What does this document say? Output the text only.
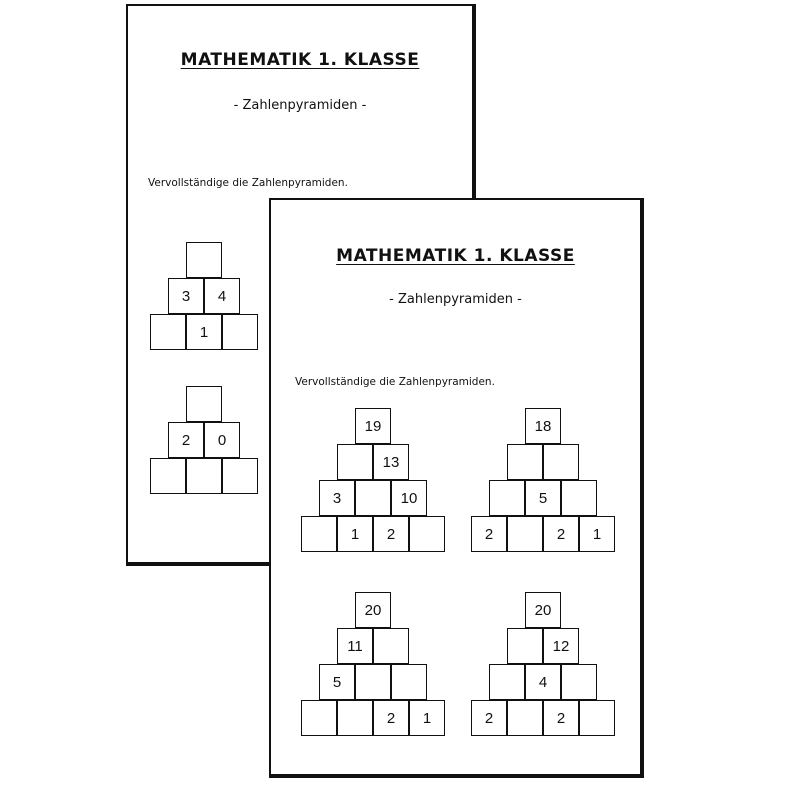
MATHEMATIK 1. KLASSE
- Zahlenpyramiden -
Vervollständige die Zahlenpyramiden.
3	4
1
2	0
MATHEMATIK 1. KLASSE
- Zahlenpyramiden -
Vervollständige die Zahlenpyramiden.
19
13
3	10
1	2
18
5
2	2	1
20
11
5
2	1
20
12
4
2	2
